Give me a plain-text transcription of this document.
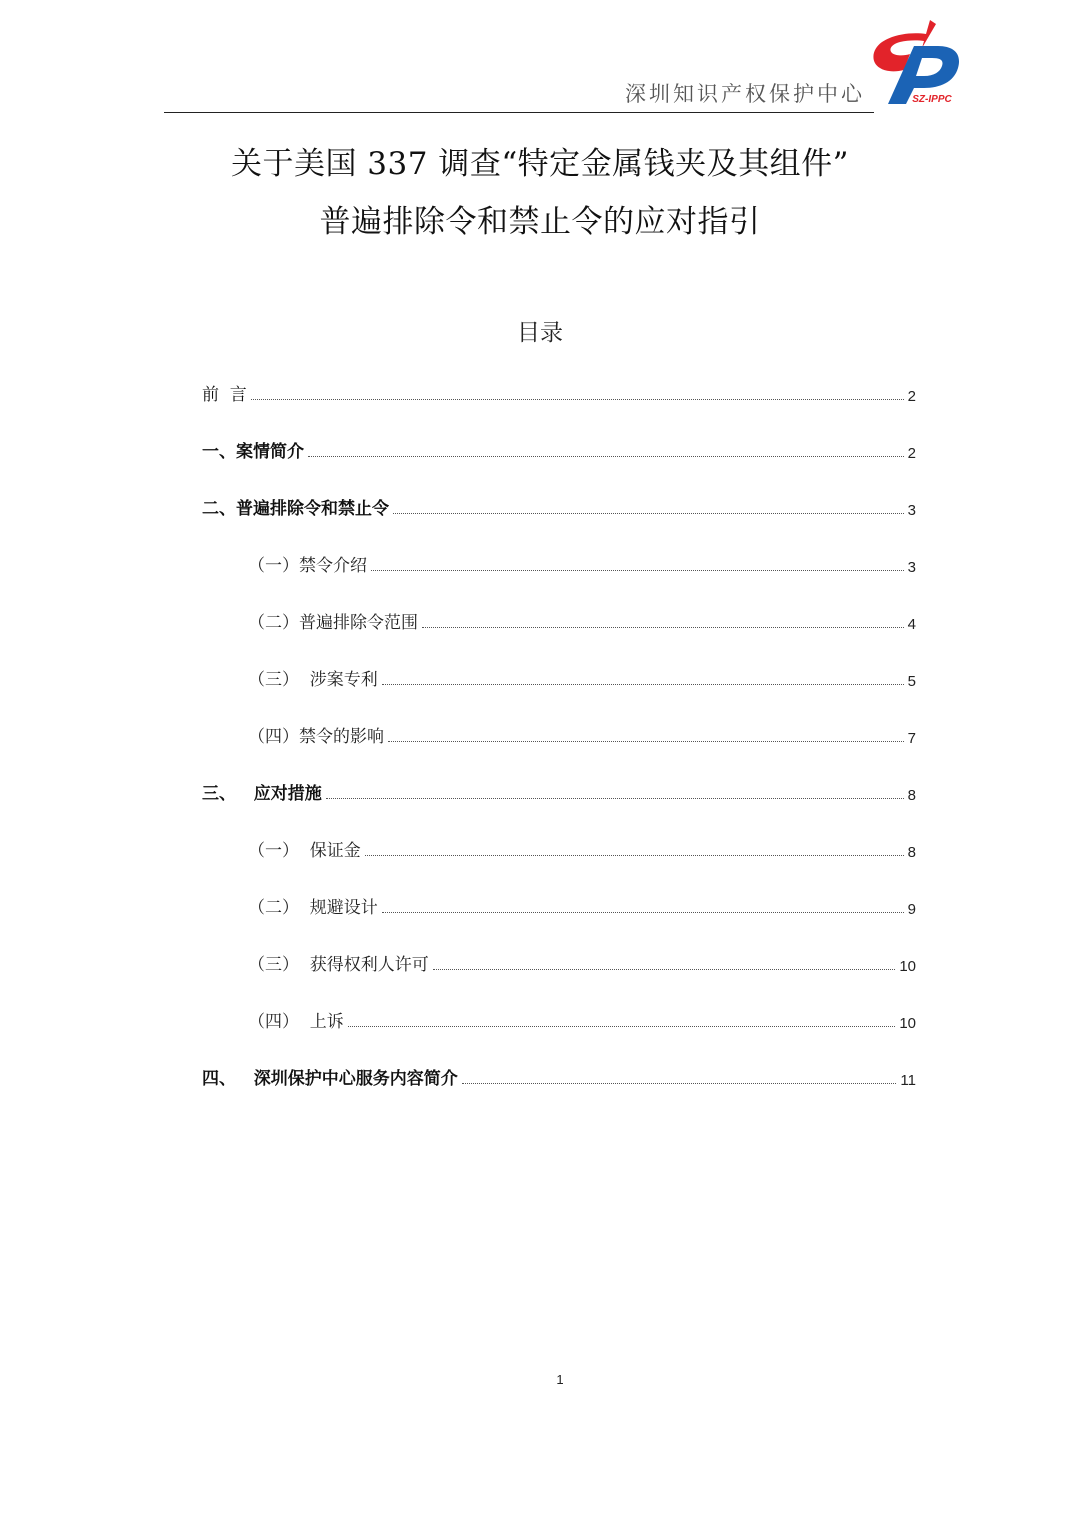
深圳知识产权保护中心	SZ-IPPC
关于美国 337 调查“特定金属钱夹及其组件”
普遍排除令和禁止令的应对指引
目录
前  言	2
一、案情简介	2
二、普遍排除令和禁止令	3
（一）禁令介绍	3
（二）普遍排除令范围	4
（三）  涉案专利	5
（四）禁令的影响	7
三、   应对措施	8
（一）  保证金	8
（二）  规避设计	9
（三）  获得权利人许可	10
（四）  上诉	10
四、   深圳保护中心服务内容简介	11
1
